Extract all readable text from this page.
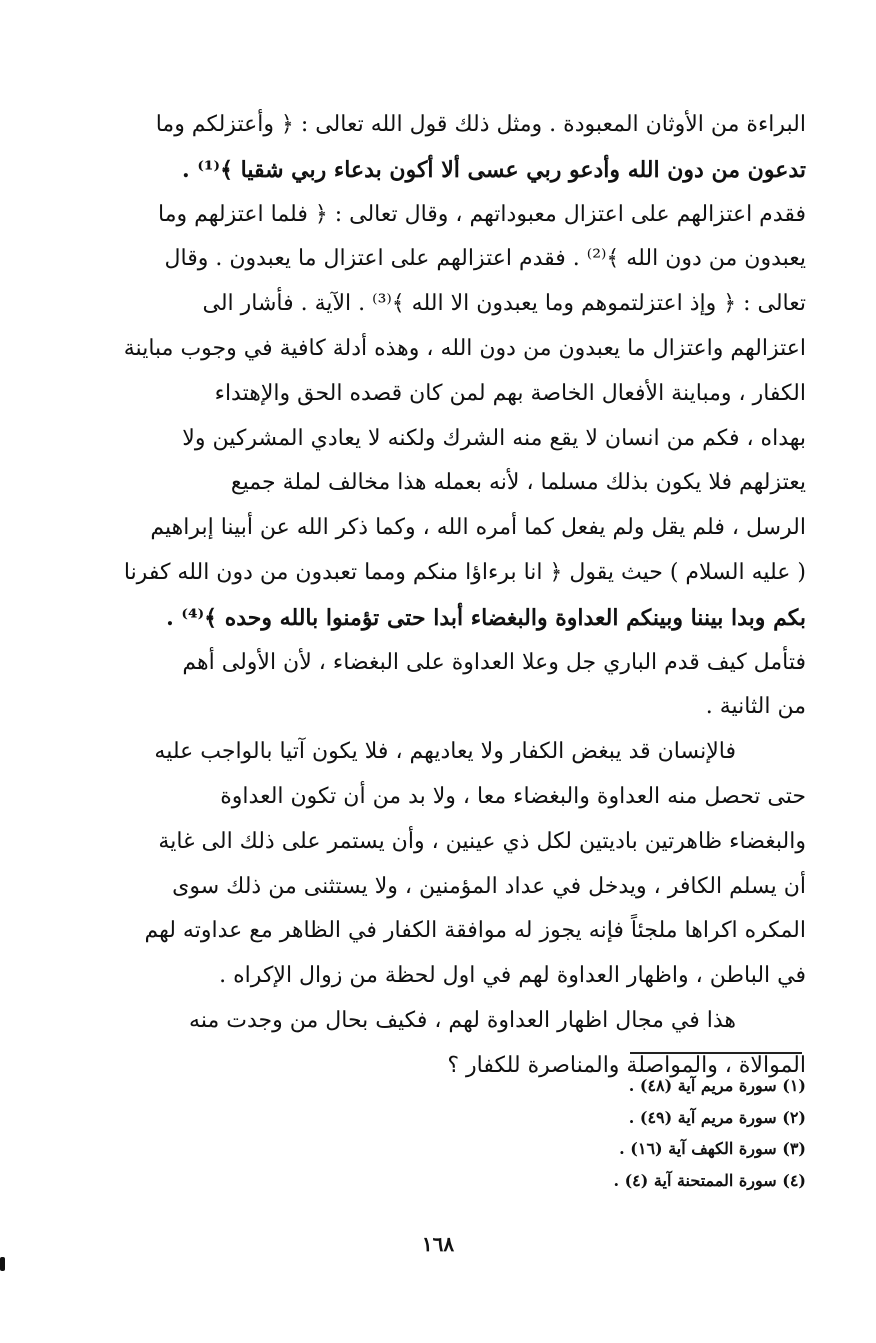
البراءة من الأوثان المعبودة . ومثل ذلك قول الله تعالى : ﴿ وأعتزلكم وما
تدعون من دون الله وأدعو ربي عسى ألا أكون بدعاء ربي شقيا ﴾⁽¹⁾ .
فقدم اعتزالهم على اعتزال معبوداتهم ، وقال تعالى : ﴿ فلما اعتزلهم وما
يعبدون من دون الله ﴾⁽²⁾ . فقدم اعتزالهم على اعتزال ما يعبدون . وقال
تعالى : ﴿ وإذ اعتزلتموهم وما يعبدون الا الله ﴾⁽³⁾ . الآية . فأشار الى
اعتزالهم واعتزال ما يعبدون من دون الله ، وهذه أدلة كافية في وجوب مباينة
الكفار ، ومباينة الأفعال الخاصة بهم لمن كان قصده الحق والإهتداء
بهداه ، فكم من انسان لا يقع منه الشرك ولكنه لا يعادي المشركين ولا
يعتزلهم فلا يكون بذلك مسلما ، لأنه بعمله هذا مخالف لملة جميع
الرسل ، فلم يقل ولم يفعل كما أمره الله ، وكما ذكر الله عن أبينا إبراهيم
( عليه السلام ) حيث يقول ﴿ انا برءاؤا منكم ومما تعبدون من دون الله كفرنا
بكم وبدا بيننا وبينكم العداوة والبغضاء أبدا حتى تؤمنوا بالله وحده ﴾⁽⁴⁾ .
فتأمل كيف قدم الباري جل وعلا العداوة على البغضاء ، لأن الأولى أهم
من الثانية .
فالإنسان قد يبغض الكفار ولا يعاديهم ، فلا يكون آتيا بالواجب عليه
حتى تحصل منه العداوة والبغضاء معا ، ولا بد من أن تكون العداوة
والبغضاء ظاهرتين باديتين لكل ذي عينين ، وأن يستمر على ذلك الى غاية
أن يسلم الكافر ، ويدخل في عداد المؤمنين ، ولا يستثنى من ذلك سوى
المكره اكراها ملجئاً فإنه يجوز له موافقة الكفار في الظاهر مع عداوته لهم
في الباطن ، واظهار العداوة لهم في اول لحظة من زوال الإكراه .
هذا في مجال اظهار العداوة لهم ، فكيف بحال من وجدت منه
الموالاة ، والمواصلة والمناصرة للكفار ؟
(١) سورة مريم آية (٤٨) .
(٢) سورة مريم آية (٤٩) .
(٣) سورة الكهف آية (١٦) .
(٤) سورة الممتحنة آية (٤) .
١٦٨
